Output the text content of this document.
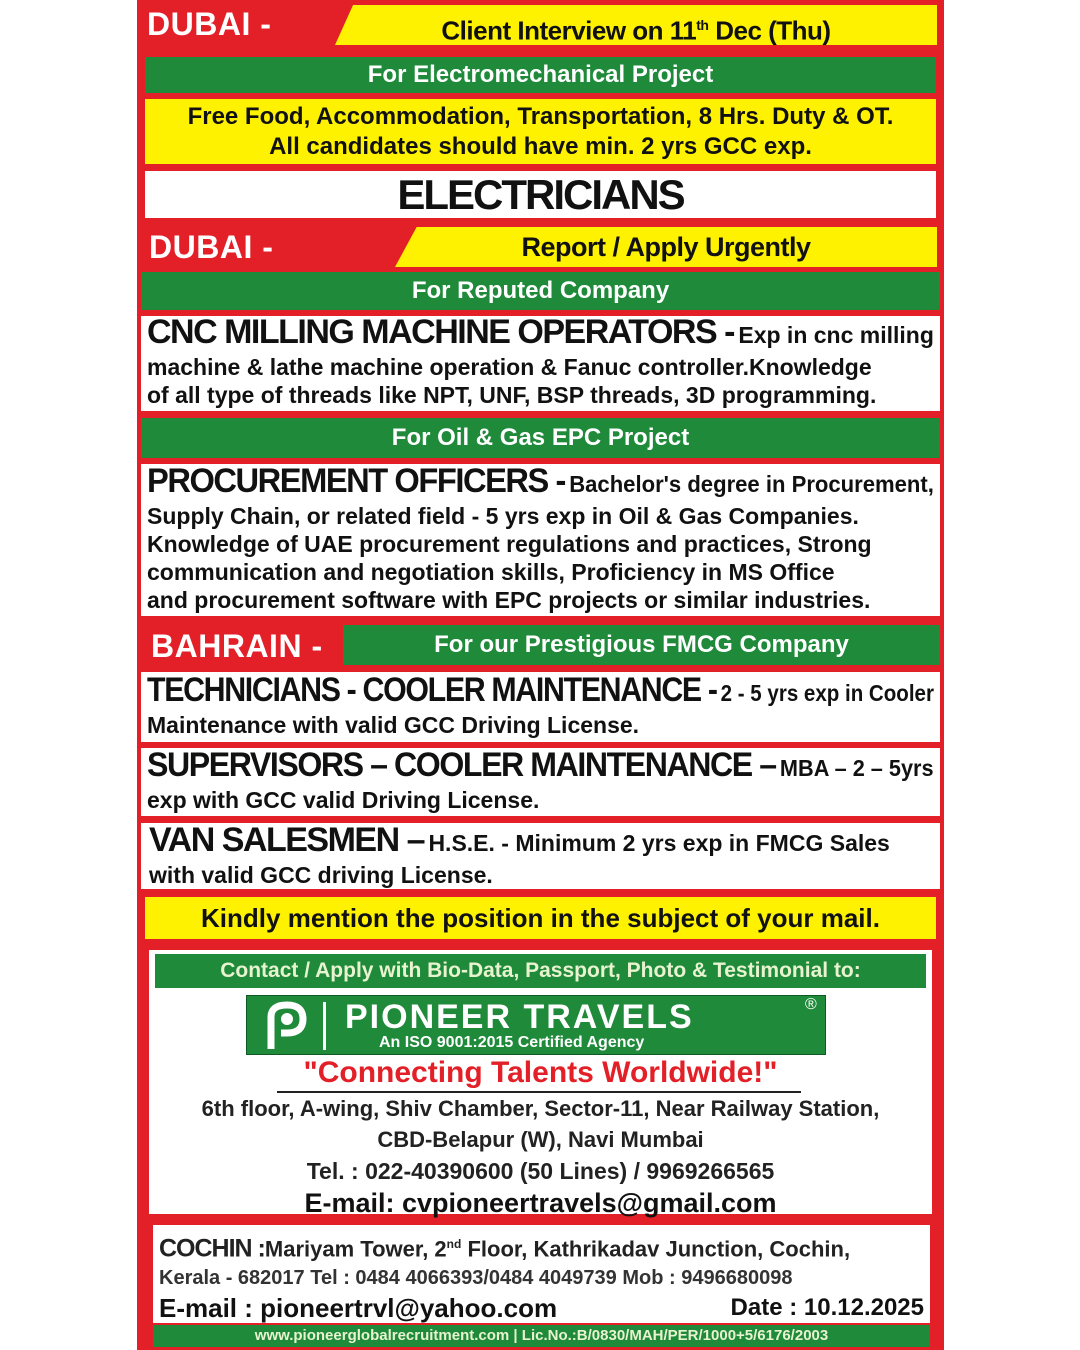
DUBAI -	Client Interview on 11th Dec (Thu)
For Electromechanical Project

Free Food, Accommodation, Transportation, 8 Hrs. Duty & OT.

All candidates should have min. 2 yrs GCC exp.

ELECTRICIANS
DUBAI -	Report / Apply Urgently
For Reputed Company

CNC MILLING MACHINE OPERATORS - Exp in cnc milling

machine & lathe machine operation & Fanuc controller.Knowledge

of all type of threads like NPT, UNF, BSP threads, 3D programming.

For Oil & Gas EPC Project

PROCUREMENT OFFICERS - Bachelor's degree in Procurement,

Supply Chain, or related field - 5 yrs exp in Oil & Gas Companies.

Knowledge of UAE procurement regulations and practices, Strong

communication and negotiation skills, Proficiency in MS Office

and procurement software with EPC projects or similar industries.

BAHRAIN -	For our Prestigious FMCG Company

TECHNICIANS - COOLER MAINTENANCE - 2 - 5 yrs exp in Cooler

Maintenance with valid GCC Driving License.

SUPERVISORS – COOLER MAINTENANCE – MBA – 2 – 5yrs

exp with GCC valid Driving License.

VAN SALESMEN – H.S.E. - Minimum 2 yrs exp in FMCG Sales

with valid GCC driving License.

Kindly mention the position in the subject of your mail.
Contact / Apply with Bio-Data, Passport, Photo & Testimonial to:
PIONEER TRAVELS	®
An ISO 9001:2015 Certified Agency
"Connecting Talents Worldwide!"
6th floor, A-wing, Shiv Chamber, Sector-11, Near Railway Station,
CBD-Belapur (W), Navi Mumbai
Tel. : 022-40390600 (50 Lines) / 9969266565
E-mail: cvpioneertravels@gmail.com

COCHIN :Mariyam Tower, 2nd Floor, Kathrikadav Junction, Cochin,

Kerala - 682017 Tel : 0484 4066393/0484 4049739 Mob : 9496680098

E-mail : pioneertrvl@yahoo.com	Date : 10.12.2025

www.pioneerglobalrecruitment.com | Lic.No.:B/0830/MAH/PER/1000+5/6176/2003
